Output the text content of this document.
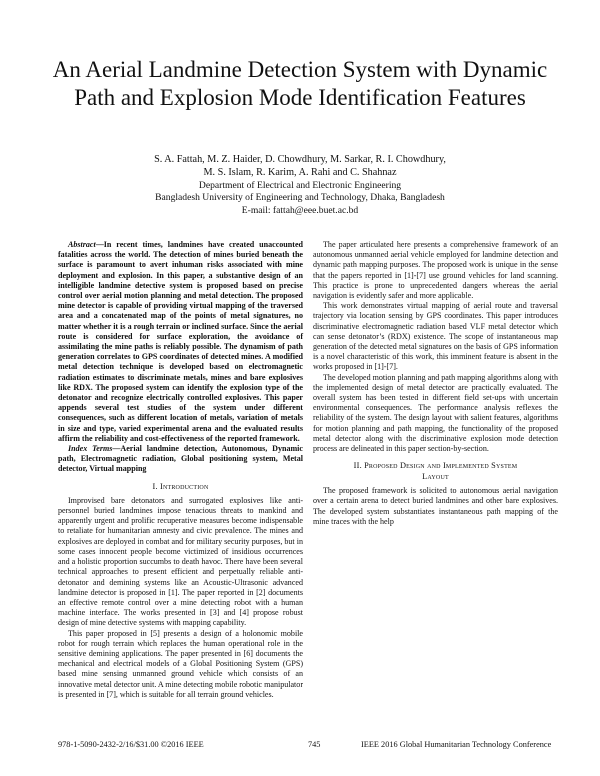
An Aerial Landmine Detection System with Dynamic Path and Explosion Mode Identification Features
S. A. Fattah, M. Z. Haider, D. Chowdhury, M. Sarkar, R. I. Chowdhury,
M. S. Islam, R. Karim, A. Rahi and C. Shahnaz
Department of Electrical and Electronic Engineering
Bangladesh University of Engineering and Technology, Dhaka, Bangladesh
E-mail: fattah@eee.buet.ac.bd

Abstract—In recent times, landmines have created unaccounted fatalities across the world. The detection of mines buried beneath the surface is paramount to avert inhuman risks associated with mine deployment and explosion. In this paper, a substantive design of an intelligible landmine detective system is proposed based on precise control over aerial motion planning and metal detection. The proposed mine detector is capable of providing virtual mapping of the traversed area and a concatenated map of the points of metal signatures, no matter whether it is a rough terrain or inclined surface. Since the aerial route is considered for surface exploration, the avoidance of assimilating the mine paths is reliably possible. The dynamism of path generation correlates to GPS coordinates of detected mines. A modified metal detection technique is developed based on electromagnetic radiation estimates to discriminate metals, mines and bare explosives like RDX. The proposed system can identify the explosion type of the detonator and recognize electrically controlled explosives. This paper appends several test studies of the system under different consequences, such as different location of metals, variation of metals in size and type, varied experimental arena and the evaluated results affirm the reliability and cost-effectiveness of the reported framework.

Index Terms—Aerial landmine detection, Autonomous, Dynamic path, Electromagnetic radiation, Global positioning system, Metal detector, Virtual mapping

I. Introduction

Improvised bare detonators and surrogated explosives like anti-personnel buried landmines impose tenacious threats to mankind and apparently urgent and prolific recuperative measures become indispensable to retaliate for humanitarian amnesty and civic prevalence. The mines and explosives are deployed in combat and for military security purposes, but in some cases innocent people become victimized of insidious occurrences and a holistic proportion succumbs to death havoc. There have been several technical approaches to present efficient and perpetually reliable anti-detonator and demining systems like an Acoustic-Ultrasonic advanced landmine detector is proposed in [1]. The paper reported in [2] documents an effective remote control over a mine detecting robot with a human machine interface. The works presented in [3] and [4] propose robust design of mine detective systems with mapping capability.

This paper proposed in [5] presents a design of a holonomic mobile robot for rough terrain which replaces the human operational role in the sensitive demining applications. The paper presented in [6] documents the mechanical and electrical models of a Global Positioning System (GPS) based mine sensing unmanned ground vehicle which consists of an innovative metal detector unit. A mine detecting mobile robotic manipulator is presented in [7], which is suitable for all terrain ground vehicles.

The paper articulated here presents a comprehensive framework of an autonomous unmanned aerial vehicle employed for landmine detection and dynamic path mapping purposes. The proposed work is unique in the sense that the papers reported in [1]-[7] use ground vehicles for land scanning. This practice is prone to unprecedented dangers whereas the aerial navigation is evidently safer and more applicable.

This work demonstrates virtual mapping of aerial route and traversal trajectory via location sensing by GPS coordinates. This paper introduces discriminative electromagnetic radiation based VLF metal detector which can sense detonator’s (RDX) existence. The scope of instantaneous map generation of the detected metal signatures on the basis of GPS information is a novel characteristic of this work, this imminent feature is absent in the works proposed in [1]-[7].

The developed motion planning and path mapping algorithms along with the implemented design of metal detector are practically evaluated. The overall system has been tested in different field set-ups with uncertain environmental consequences. The performance analysis reflexes the reliability of the system. The design layout with salient features, algorithms for motion planning and path mapping, the functionality of the proposed metal detector along with the discriminative explosion mode detection process are delineated in this paper section-by-section.

II. Proposed Design and Implemented System
Layout

The proposed framework is solicited to autonomous aerial navigation over a certain arena to detect buried landmines and other bare explosives. The developed system substantiates instantaneous path mapping of the mine traces with the help

978-1-5090-2432-2/16/$31.00 ©2016 IEEE	745	IEEE 2016 Global Humanitarian Technology Conference
